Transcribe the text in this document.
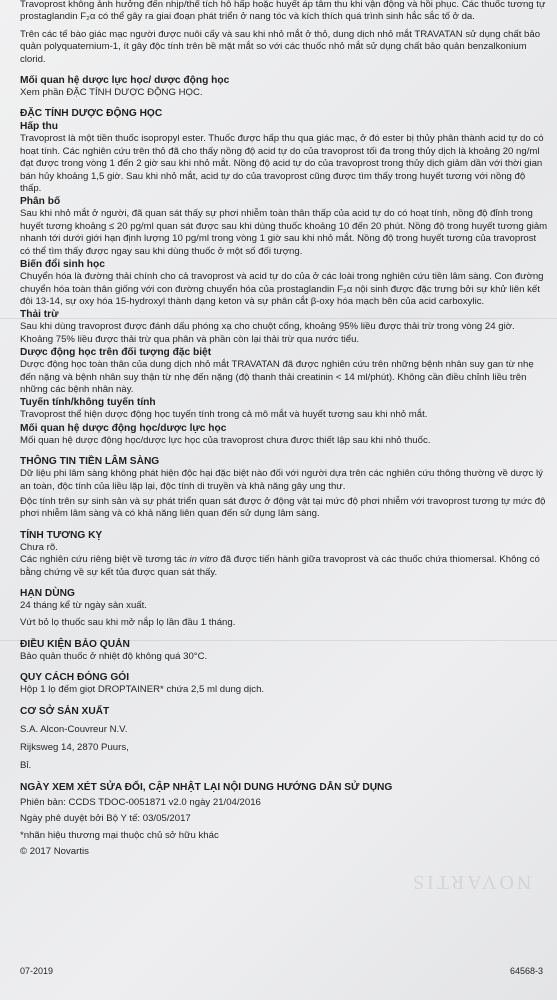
NOVARTIS

Travoprost không ảnh hưởng đến nhịp/thể tích hô hấp hoặc huyết áp tâm thu khi vận động và hồi phục. Các thuốc tương tự prostaglandin F₂α có thể gây ra giai đoạn phát triển ở nang tóc và kích thích quá trình sinh hắc sắc tố ở da.

Trên các tế bào giác mạc người được nuôi cấy và sau khi nhỏ mắt ở thỏ, dung dịch nhỏ mắt TRAVATAN sử dụng chất bảo quản polyquaternium-1, ít gây độc tính trên bề mặt mắt so với các thuốc nhỏ mắt sử dụng chất bảo quản benzalkonium clorid.

Mối quan hệ dược lực học/ dược động học

Xem phần ĐẶC TÍNH DƯỢC ĐỘNG HỌC.

ĐẶC TÍNH DƯỢC ĐỘNG HỌC

Hấp thu

Travoprost là một tiền thuốc isopropyl ester. Thuốc được hấp thu qua giác mạc, ở đó ester bị thủy phân thành acid tự do có hoạt tính. Các nghiên cứu trên thỏ đã cho thấy nồng độ acid tự do của travoprost tối đa trong thủy dịch là khoảng 20 ng/ml đạt được trong vòng 1 đến 2 giờ sau khi nhỏ mắt. Nồng độ acid tự do của travoprost trong thủy dịch giảm dần với thời gian bán hủy khoảng 1,5 giờ. Sau khi nhỏ mắt, acid tự do của travoprost cũng được tìm thấy trong huyết tương với nồng độ thấp.

Phân bố

Sau khi nhỏ mắt ở người, đã quan sát thấy sự phơi nhiễm toàn thân thấp của acid tự do có hoạt tính, nồng độ đỉnh trong huyết tương khoảng ≤ 20 pg/ml quan sát được sau khi dùng thuốc khoảng 10 đến 20 phút. Nồng độ trong huyết tương giảm nhanh tới dưới giới hạn định lượng 10 pg/ml trong vòng 1 giờ sau khi nhỏ mắt. Nồng độ trong huyết tương của travoprost có thể tìm thấy được ngay sau khi dùng thuốc ở một số đối tượng.

Biến đổi sinh học

Chuyển hóa là đường thải chính cho cả travoprost và acid tự do của ở các loài trong nghiên cứu tiền lâm sàng. Con đường chuyển hóa toàn thân giống với con đường chuyển hóa của prostaglandin F₂α nội sinh được đặc trưng bởi sự khử liên kết đôi 13-14, sự oxy hóa 15-hydroxyl thành dạng keton và sự phân cắt β-oxy hóa mạch bên của acid carboxylic.

Thải trừ

Sau khi dùng travoprost được đánh dấu phóng xạ cho chuột cống, khoảng 95% liều được thải trừ trong vòng 24 giờ. Khoảng 75% liều được thải trừ qua phân và phần còn lại thải trừ qua nước tiểu.

Dược động học trên đối tượng đặc biệt

Dược động học toàn thân của dung dịch nhỏ mắt TRAVATAN đã được nghiên cứu trên những bệnh nhân suy gan từ nhẹ đến nặng và bệnh nhân suy thận từ nhẹ đến nặng (độ thanh thải creatinin < 14 ml/phút). Không cần điều chỉnh liều trên những các bệnh nhân này.

Tuyến tính/không tuyến tính

Travoprost thể hiện dược động học tuyến tính trong cả mô mắt và huyết tương sau khi nhỏ mắt.

Mối quan hệ dược động học/dược lực học

Mối quan hệ dược động học/dược lực học của travoprost chưa được thiết lập sau khi nhỏ thuốc.

THÔNG TIN TIỀN LÂM SÀNG

Dữ liệu phi lâm sàng không phát hiện độc hại đặc biệt nào đối với người dựa trên các nghiên cứu thông thường về dược lý an toàn, độc tính của liều lặp lại, độc tính di truyền và khả năng gây ung thư.

Độc tính trên sự sinh sản và sự phát triển quan sát được ở động vật tại mức độ phơi nhiễm với travoprost tương tự mức độ phơi nhiễm lâm sàng và có khả năng liên quan đến sử dụng lâm sàng.

TÍNH TƯƠNG KỴ

Chưa rõ.

Các nghiên cứu riêng biệt về tương tác in vitro đã được tiến hành giữa travoprost và các thuốc chứa thiomersal. Không có bằng chứng về sự kết tủa được quan sát thấy.

HẠN DÙNG

24 tháng kể từ ngày sản xuất.

Vứt bỏ lọ thuốc sau khi mở nắp lọ lần đầu 1 tháng.

ĐIỀU KIỆN BẢO QUẢN

Bảo quản thuốc ở nhiệt độ không quá 30°C.

QUY CÁCH ĐÓNG GÓI

Hộp 1 lọ đếm giọt DROPTAINER* chứa 2,5 ml dung dịch.

CƠ SỞ SẢN XUẤT

S.A. Alcon-Couvreur N.V.

Rijksweg 14, 2870 Puurs,

Bỉ.

NGÀY XEM XÉT SỬA ĐỔI, CẬP NHẬT LẠI NỘI DUNG HƯỚNG DẪN SỬ DỤNG

Phiên bản: CCDS TDOC-0051871 v2.0 ngày 21/04/2016

Ngày phê duyệt bởi Bộ Y tế: 03/05/2017

*nhãn hiệu thương mại thuộc chủ sở hữu khác

© 2017 Novartis

07-2019	64568-3
